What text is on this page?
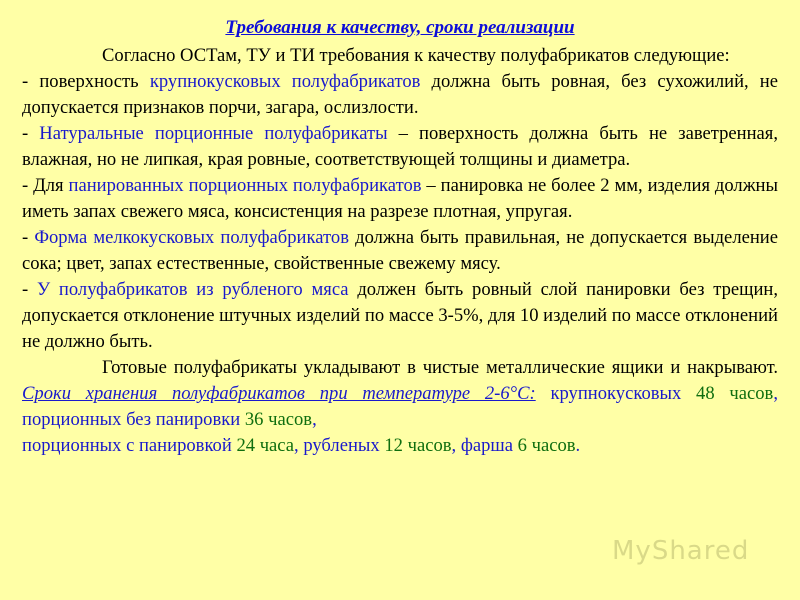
Требования к качеству, сроки реализации

Согласно ОСТам, ТУ и ТИ требования к качеству полуфабрикатов следующие:

- поверхность крупнокусковых полуфабрикатов должна быть ровная, без сухожилий, не допускается признаков порчи, загара, ослизлости.

- Натуральные порционные полуфабрикаты – поверхность должна быть не заветренная, влажная, но не липкая, края ровные, соответствующей толщины и диаметра.

- Для панированных порционных полуфабрикатов – панировка не более 2 мм, изделия должны иметь запах свежего мяса, консистенция на разрезе плотная, упругая.

- Форма мелкокусковых полуфабрикатов должна быть правильная, не допускается выделение сока; цвет, запах естественные, свойственные свежему мясу.

- У полуфабрикатов из рубленого мяса должен быть ровный слой панировки без трещин, допускается отклонение штучных изделий по массе 3-5%, для 10 изделий по массе отклонений не должно быть.

Готовые полуфабрикаты укладывают в чистые металлические ящики и накрывают. Сроки хранения полуфабрикатов при температуре 2-6°С: крупнокусковых 48 часов, порционных без панировки 36 часов,
порционных с панировкой 24 часа, рубленых 12 часов, фарша 6 часов.

MyShared
